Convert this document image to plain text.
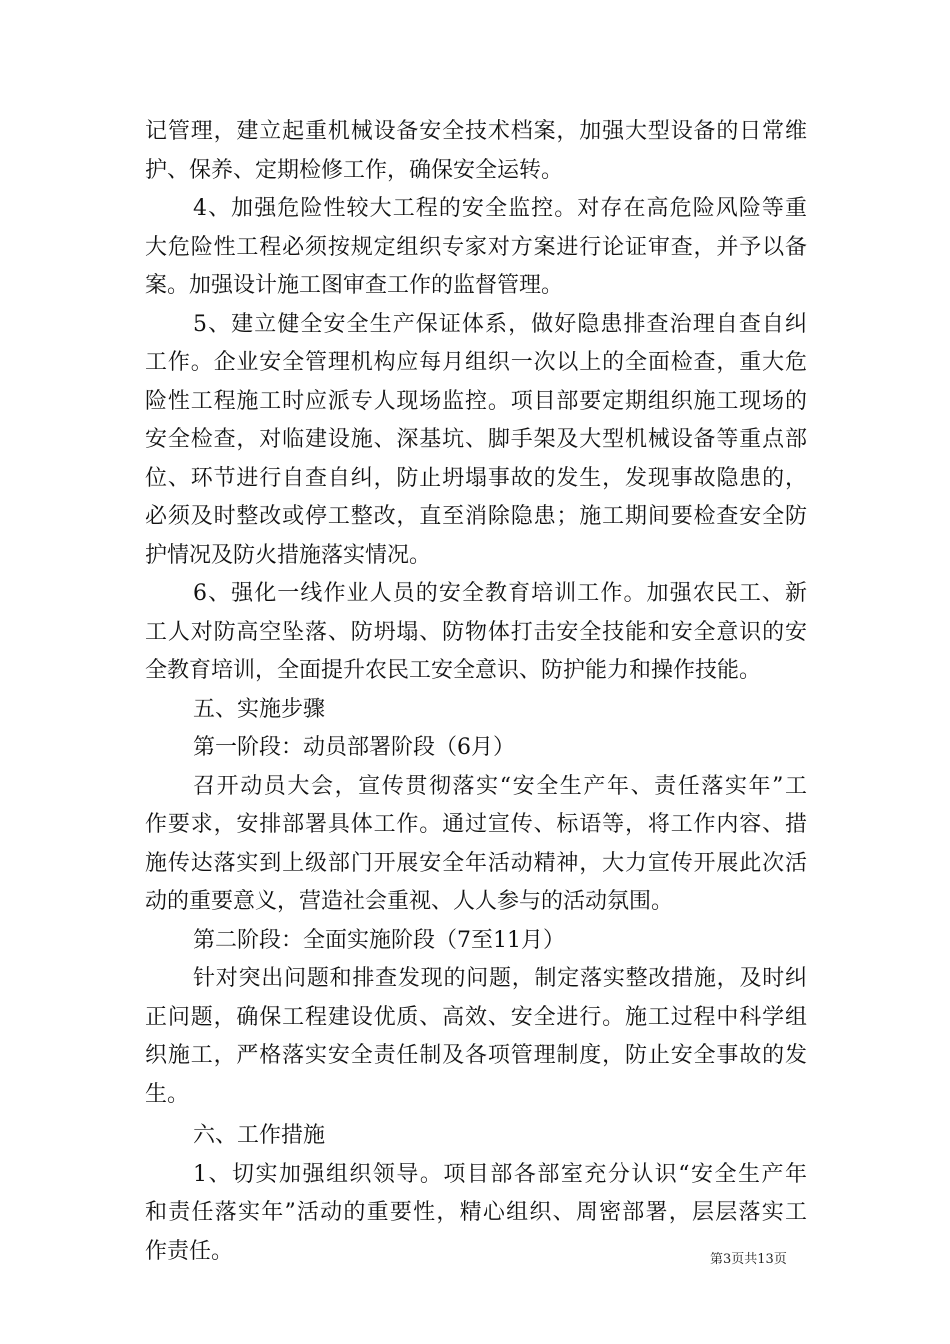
记管理，建立起重机械设备安全技术档案，加强大型设备的日常维
护、保养、定期检修工作，确保安全运转。
4、加强危险性较大工程的安全监控。对存在高危险风险等重
大危险性工程必须按规定组织专家对方案进行论证审查，并予以备
案。加强设计施工图审查工作的监督管理。
5、建立健全安全生产保证体系，做好隐患排查治理自查自纠
工作。企业安全管理机构应每月组织一次以上的全面检查，重大危
险性工程施工时应派专人现场监控。项目部要定期组织施工现场的
安全检查，对临建设施、深基坑、脚手架及大型机械设备等重点部
位、环节进行自查自纠，防止坍塌事故的发生，发现事故隐患的，
必须及时整改或停工整改，直至消除隐患；施工期间要检查安全防
护情况及防火措施落实情况。
6、强化一线作业人员的安全教育培训工作。加强农民工、新
工人对防高空坠落、防坍塌、防物体打击安全技能和安全意识的安
全教育培训，全面提升农民工安全意识、防护能力和操作技能。
五、实施步骤
第一阶段：动员部署阶段（6月）
召开动员大会，宣传贯彻落实“安全生产年、责任落实年”工
作要求，安排部署具体工作。通过宣传、标语等，将工作内容、措
施传达落实到上级部门开展安全年活动精神，大力宣传开展此次活
动的重要意义，营造社会重视、人人参与的活动氛围。
第二阶段：全面实施阶段（7至11月）
针对突出问题和排查发现的问题，制定落实整改措施，及时纠
正问题，确保工程建设优质、高效、安全进行。施工过程中科学组
织施工，严格落实安全责任制及各项管理制度，防止安全事故的发
生。
六、工作措施
1、切实加强组织领导。项目部各部室充分认识“安全生产年
和责任落实年”活动的重要性，精心组织、周密部署，层层落实工
作责任。	第3页共13页
